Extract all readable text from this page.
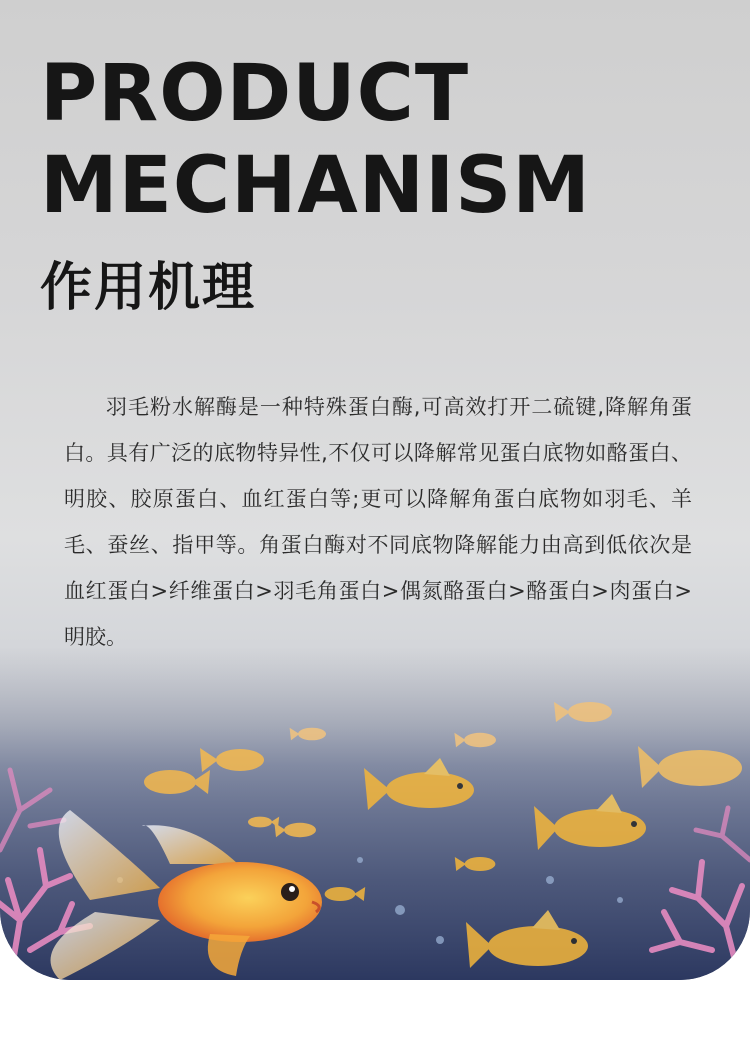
PRODUCT
MECHANISM
作用机理

羽毛粉水解酶是一种特殊蛋白酶,可高效打开二硫键,降解角蛋白。具有广泛的底物特异性,不仅可以降解常见蛋白底物如酪蛋白、明胶、胶原蛋白、血红蛋白等;更可以降解角蛋白底物如羽毛、羊毛、蚕丝、指甲等。角蛋白酶对不同底物降解能力由高到低依次是血红蛋白>纤维蛋白>羽毛角蛋白>偶氮酪蛋白>酪蛋白>肉蛋白>明胶。
